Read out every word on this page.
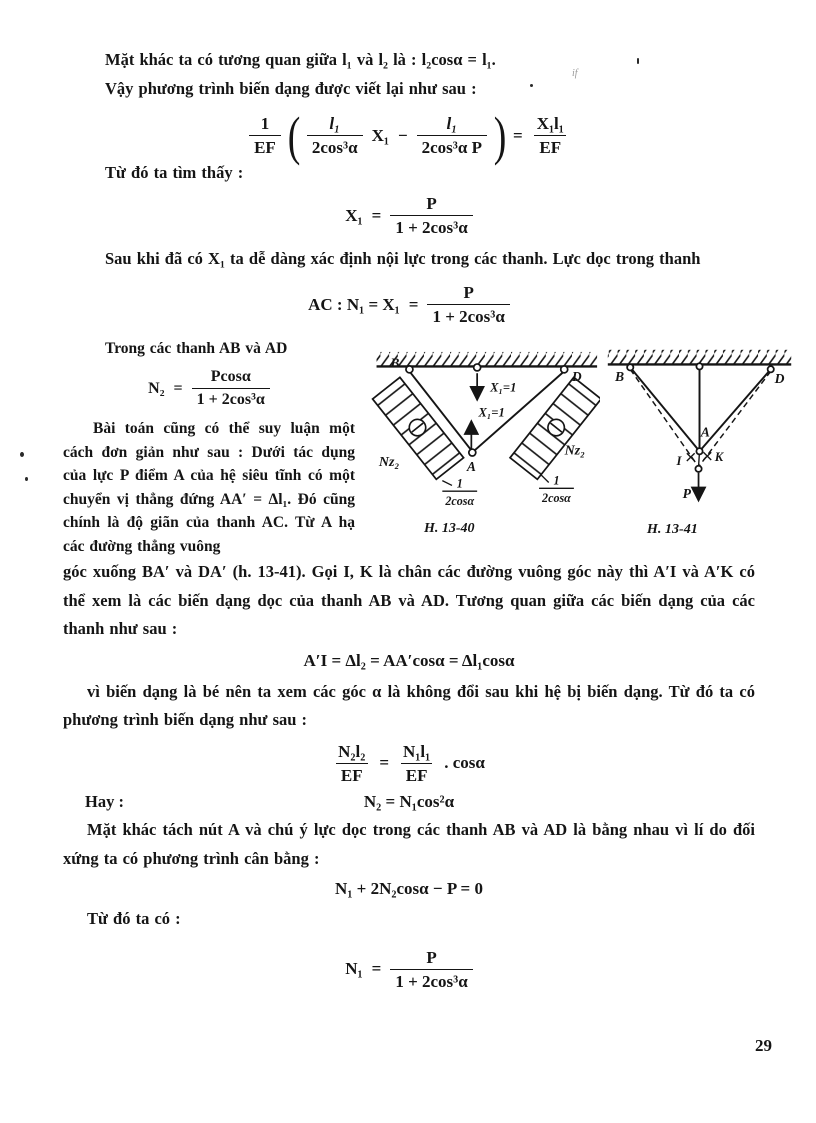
if

Mặt khác ta có tương quan giữa l₁ và l₂ là : l₂cosα = l₁.

Vậy phương trình biến dạng được viết lại như sau :

$\frac{1}{EF}$ ( $\frac{\text{l₁}}{\text{2cos³α}} X_1 - \frac{\text{l₁}}{\text{2cos³α P}}$ ) = $\frac{\text{X₁l₁}}{EF}$

Từ đó ta tìm thấy :

$X_1 = \frac{P}{\text{1 + 2cos³α}}$

Sau khi đã có X₁ ta dễ dàng xác định nội lực trong các thanh. Lực dọc trong thanh

AC : $N_1 = X_1 = \frac{P}{\text{1 + 2cos³α}}$

Trong các thanh AB và AD

$N_2 = \frac{Pcos\alpha}{\text{1 + 2cos³α}}$

Bài toán cũng có thể suy luận một cách đơn giản như sau : Dưới tác dụng của lực P điểm A của hệ siêu tĩnh có một chuyển vị thẳng đứng AA′ = Δl₁. Đó cũng chính là độ giãn của thanh AC. Từ A hạ các đường thẳng vuông

B
D
A
X₁=1
X₁=1
Nz₂
Nz₂
1
2cosα
1
2cosα
H. 13-40
B	D
A
I	K
P
H. 13-41

góc xuống BA′ và DA′ (h. 13-41). Gọi I, K là chân các đường vuông góc này thì A′I và A′K có thể xem là các biến dạng dọc của thanh AB và AD. Tương quan giữa các biến dạng của các thanh như sau :

A′I = Δl₂ = AA′cosα = Δl₁cosα

vì biến dạng là bé nên ta xem các góc α là không đổi sau khi hệ bị biến dạng. Từ đó ta có phương trình biến dạng như sau :

$\frac{\text{N₂l₂}}{EF} = \frac{\text{N₁l₁}}{EF}$ . cosα
Hay :	N₂ = N₁cos²α

Mặt khác tách nút A và chú ý lực dọc trong các thanh AB và AD là bằng nhau vì lí do đối xứng ta có phương trình cân bằng :

N₁ + 2N₂cosα − P = 0

Từ đó ta có :

$N_1 = \frac{P}{\text{1 + 2cos³α}}$
29
